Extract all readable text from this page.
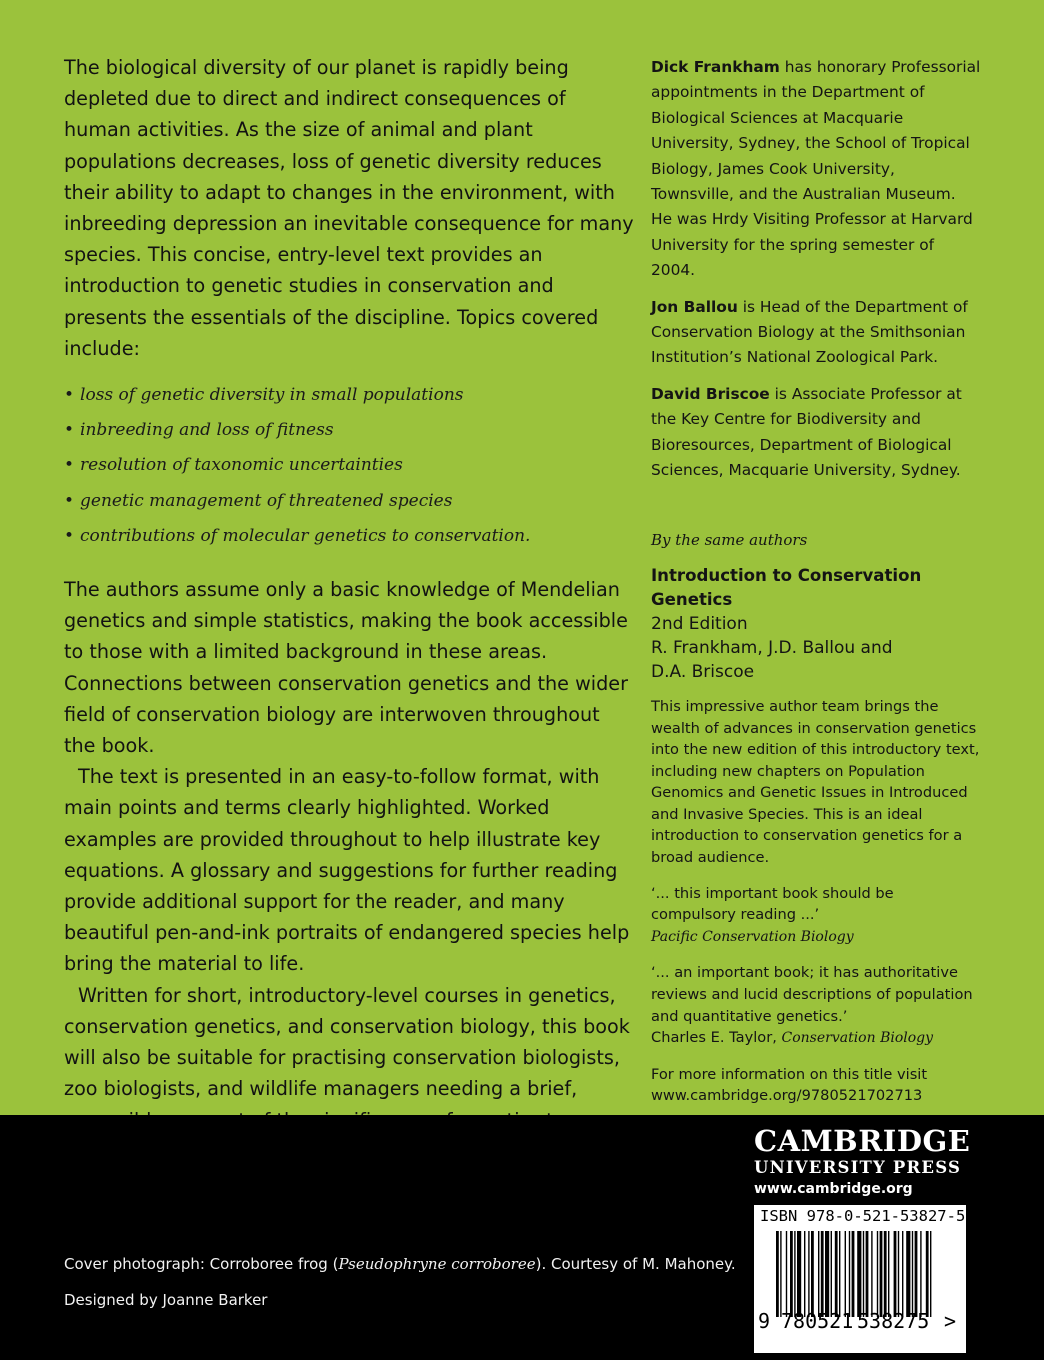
The biological diversity of our planet is rapidly being depleted due to direct and indirect consequences of human activities. As the size of animal and plant populations decreases, loss of genetic diversity reduces their ability to adapt to changes in the environment, with inbreeding depression an inevitable consequence for many species. This concise, entry-level text provides an introduction to genetic studies in conservation and presents the essentials of the discipline. Topics covered include:

• loss of genetic diversity in small populations
• inbreeding and loss of fitness
• resolution of taxonomic uncertainties
• genetic management of threatened species
• contributions of molecular genetics to conservation.

The authors assume only a basic knowledge of Mendelian genetics and simple statistics, making the book accessible to those with a limited background in these areas. Connections between conservation genetics and the wider field of conservation biology are interwoven throughout the book.

The text is presented in an easy-to-follow format, with main points and terms clearly highlighted. Worked examples are provided throughout to help illustrate key equations. A glossary and suggestions for further reading provide additional support for the reader, and many beautiful pen-and-ink portraits of endangered species help bring the material to life.

Written for short, introductory-level courses in genetics, conservation genetics, and conservation biology, this book will also be suitable for practising conservation biologists, zoo biologists, and wildlife managers needing a brief,

Dick Frankham has honorary Professorial appointments in the Department of Biological Sciences at Macquarie University, Sydney, the School of Tropical Biology, James Cook University, Townsville, and the Australian Museum. He was Hrdy Visiting Professor at Harvard University for the spring semester of 2004.

Jon Ballou is Head of the Department of Conservation Biology at the Smithsonian Institution’s National Zoological Park.

David Briscoe is Associate Professor at the Key Centre for Biodiversity and Bioresources, Department of Biological Sciences, Macquarie University, Sydney.

By the same authors

Introduction to Conservation Genetics

2nd Edition

R. Frankham, J.D. Ballou and

D.A. Briscoe

This impressive author team brings the wealth of advances in conservation genetics into the new edition of this introductory text, including new chapters on Population Genomics and Genetic Issues in Introduced and Invasive Species. This is an ideal introduction to conservation genetics for a broad audience.

‘... this important book should be compulsory reading ...’
Pacific Conservation Biology

‘... an important book; it has authoritative reviews and lucid descriptions of population and quantitative genetics.’
Charles E. Taylor, Conservation Biology

For more information on this title visit
www.cambridge.org/9780521702713

Cover photograph: Corroboree frog (Pseudophryne corroboree). Courtesy of M. Mahoney.
Designed by Joanne Barker
CAMBRIDGE
UNIVERSITY PRESS
www.cambridge.org
ISBN 978-0-521-53827-5
9 780521 538275 >
